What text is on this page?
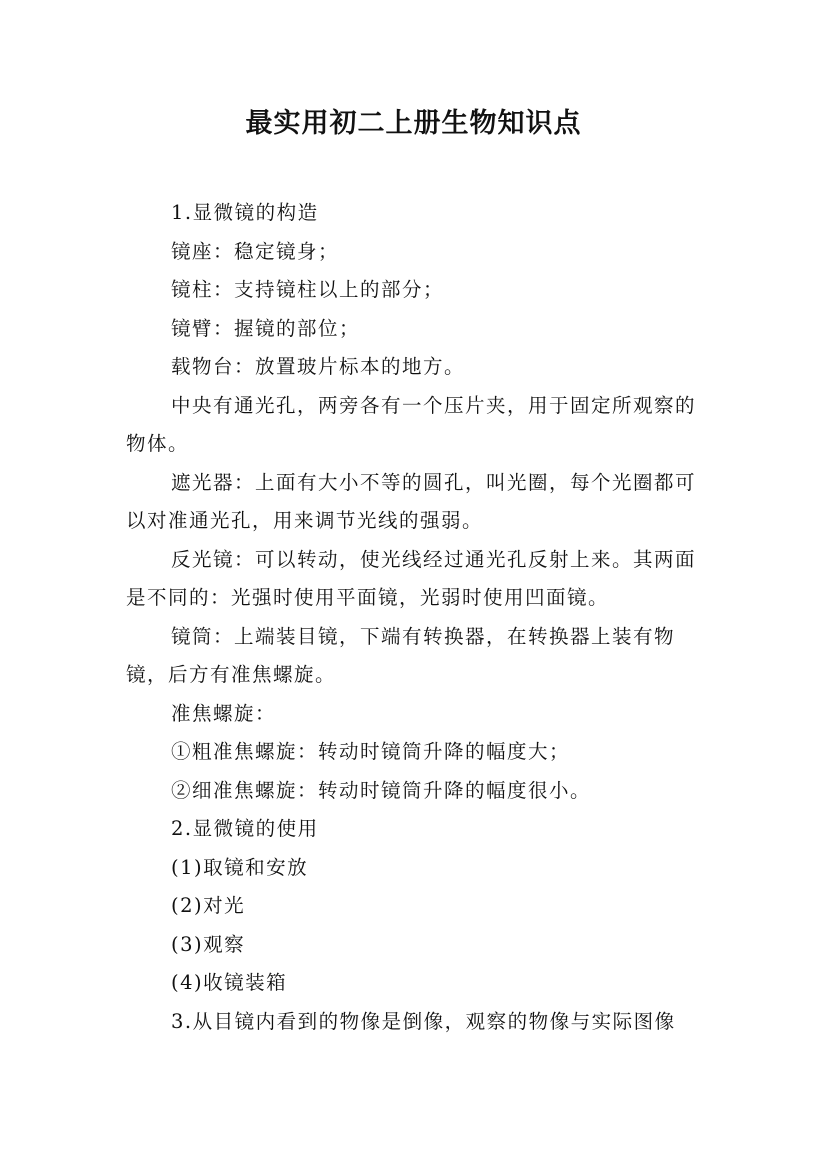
最实用初二上册生物知识点

1.显微镜的构造

镜座：稳定镜身；

镜柱：支持镜柱以上的部分；

镜臂：握镜的部位；

载物台：放置玻片标本的地方。

中央有通光孔，两旁各有一个压片夹，用于固定所观察的物体。

遮光器：上面有大小不等的圆孔，叫光圈，每个光圈都可以对准通光孔，用来调节光线的强弱。

反光镜：可以转动，使光线经过通光孔反射上来。其两面是不同的：光强时使用平面镜，光弱时使用凹面镜。

镜筒：上端装目镜，下端有转换器，在转换器上装有物镜，后方有准焦螺旋。

准焦螺旋：

①粗准焦螺旋：转动时镜筒升降的幅度大；

②细准焦螺旋：转动时镜筒升降的幅度很小。

2.显微镜的使用

(1)取镜和安放

(2)对光

(3)观察

(4)收镜装箱

3.从目镜内看到的物像是倒像，观察的物像与实际图像
